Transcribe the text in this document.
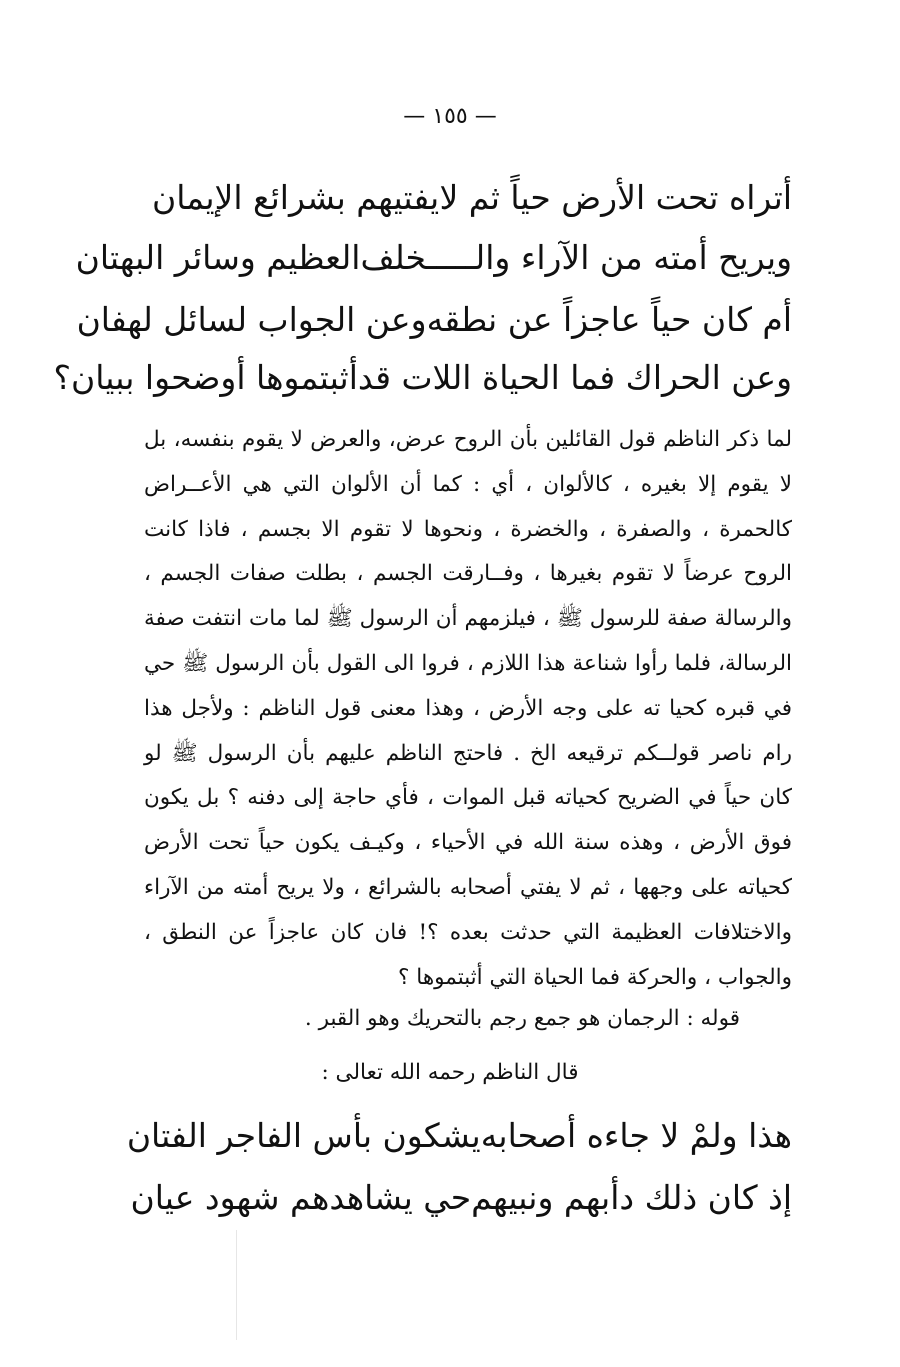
— ١٥٥ —
أتراه تحت الأرض حياً ثم لا
يفتيهم بشرائع الإيمان
ويريح أمته من الآراء والـــــخلف
العظيم وسائر البهتان
أم كان حياً عاجزاً عن نطقه
وعن الجواب لسائل لهفان
وعن الحراك فما الحياة اللات قد
أثبتموها أوضحوا ببيان؟

لما ذكر الناظم قول القائلين بأن الروح عرض، والعرض لا يقوم بنفسه، بل لا يقوم إلا بغيره ، كالألوان ، أي : كما أن الألوان التي هي الأعــراض كالحمرة ، والصفرة ، والخضرة ، ونحوها لا تقوم الا بجسم ، فاذا كانت الروح عرضاً لا تقوم بغيرها ، وفــارقت الجسم ، بطلت صفات الجسم ، والرسالة صفة للرسول ﷺ ، فيلزمهم أن الرسول ﷺ لما مات انتفت صفة الرسالة، فلما رأوا شناعة هذا اللازم ، فروا الى القول بأن الرسول ﷺ حي في قبره كحيا ته على وجه الأرض ، وهذا معنى قول الناظم : ولأجل هذا رام ناصر قولــكم ترقيعه الخ . فاحتج الناظم عليهم بأن الرسول ﷺ لو كان حياً في الضريح كحياته قبل الموات ، فأي حاجة إلى دفنه ؟ بل يكون فوق الأرض ، وهذه سنة الله في الأحياء ، وكيـف يكون حياً تحت الأرض كحياته على وجهها ، ثم لا يفتي أصحابه بالشرائع ، ولا يريح أمته من الآراء والاختلافات العظيمة التي حدثت بعده ؟! فان كان عاجزاً عن النطق ، والجواب ، والحركة فما الحياة التي أثبتموها ؟

قوله : الرجمان هو جمع رجم بالتحريك وهو القبر .
قال الناظم رحمه الله تعالى :
هذا ولمْ لا جاءه أصحابه
يشكون بأس الفاجر الفتان
إذ كان ذلك دأبهم ونبيهم
حي يشاهدهم شهود عيان
